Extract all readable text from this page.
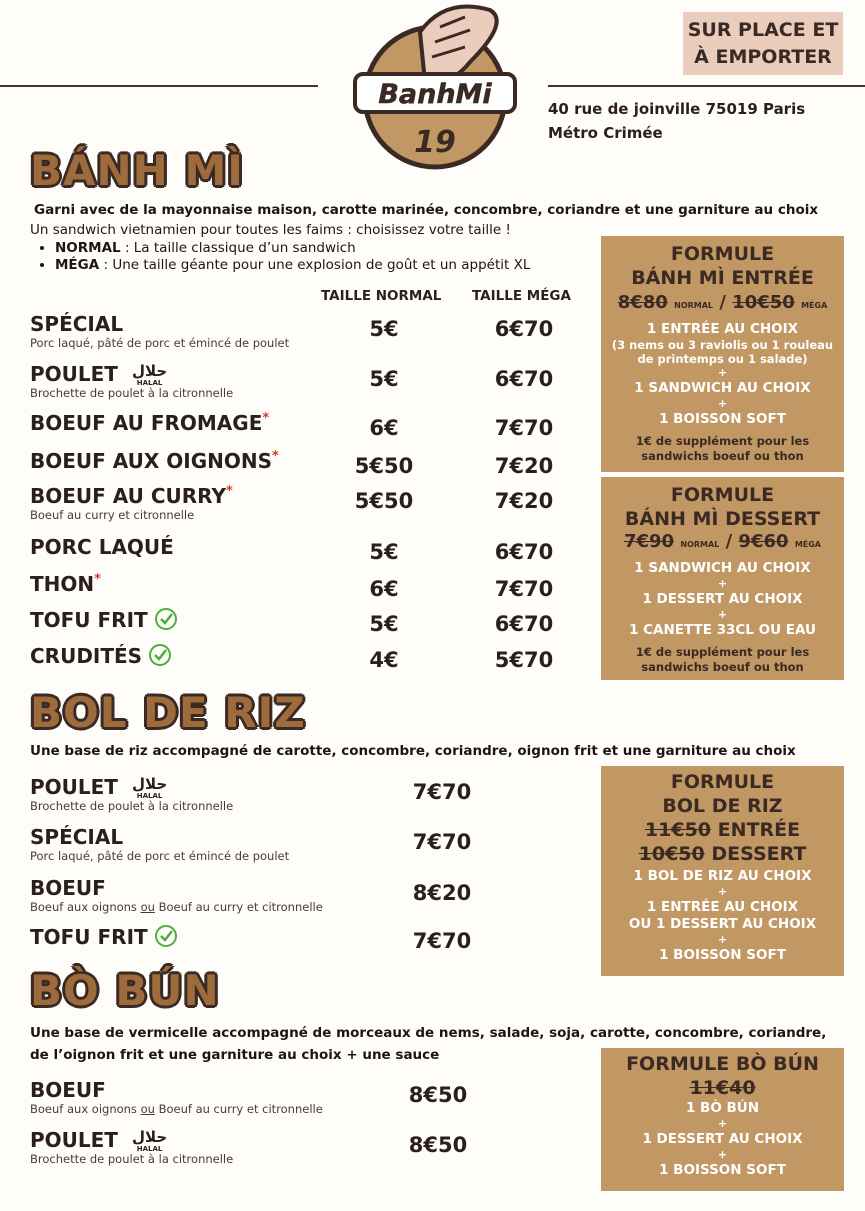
BanhMi
19
SUR PLACE ET
À EMPORTER
40 rue de joinville 75019 Paris
Métro Crimée
BÁNH MÌ
Garni avec de la mayonnaise maison, carotte marinée, concombre, coriandre et une garniture au choix
Un sandwich vietnamien pour toutes les faims : choisissez votre taille !
• NORMAL : La taille classique d’un sandwich
• MÉGA : Une taille géante pour une explosion de goût et un appétit XL
TAILLE NORMAL TAILLE MÉGA
SPÉCIAL
Porc laqué, pâté de porc et émincé de poulet
5€	6€70
POULET حلال
HALAL
Brochette de poulet à la citronnelle
5€	6€70
BOEUF AU FROMAGE*	6€	7€70
BOEUF AUX OIGNONS*	5€50	7€20
BOEUF AU CURRY*
Boeuf au curry et citronnelle
5€50	7€20
PORC LAQUÉ	5€	6€70
THON*	6€	7€70
TOFU FRIT	5€	6€70
CRUDITÉS	4€	5€70
FORMULE
BÁNH MÌ ENTRÉE
8€80 NORMAL / 10€50 MÉGA
1 ENTRÉE AU CHOIX
(3 nems ou 3 raviolis ou 1 rouleau de printemps ou 1 salade)
+
1 SANDWICH AU CHOIX
+
1 BOISSON SOFT
1€ de supplément pour les sandwichs boeuf ou thon
FORMULE
BÁNH MÌ DESSERT
7€90 NORMAL / 9€60 MÉGA
1 SANDWICH AU CHOIX
+
1 DESSERT AU CHOIX
+
1 CANETTE 33CL OU EAU
1€ de supplément pour les sandwichs boeuf ou thon
BOL DE RIZ
Une base de riz accompagné de carotte, concombre, coriandre, oignon frit et une garniture au choix
POULET حلال
HALAL
Brochette de poulet à la citronnelle
7€70
SPÉCIAL
Porc laqué, pâté de porc et émincé de poulet
7€70
BOEUF
Boeuf aux oignons ou Boeuf au curry et citronnelle
8€20
TOFU FRIT	7€70
FORMULE
BOL DE RIZ
11€50 ENTRÉE
10€50 DESSERT
1 BOL DE RIZ AU CHOIX
+
1 ENTRÉE AU CHOIX
OU 1 DESSERT AU CHOIX
+
1 BOISSON SOFT
BÒ BÚN
Une base de vermicelle accompagné de morceaux de nems, salade, soja, carotte, concombre, coriandre,
de l’oignon frit et une garniture au choix + une sauce
BOEUF
Boeuf aux oignons ou Boeuf au curry et citronnelle
8€50
POULET حلال
HALAL
Brochette de poulet à la citronnelle
8€50
FORMULE BÒ BÚN
11€40
1 BÒ BÚN
+
1 DESSERT AU CHOIX
+
1 BOISSON SOFT
